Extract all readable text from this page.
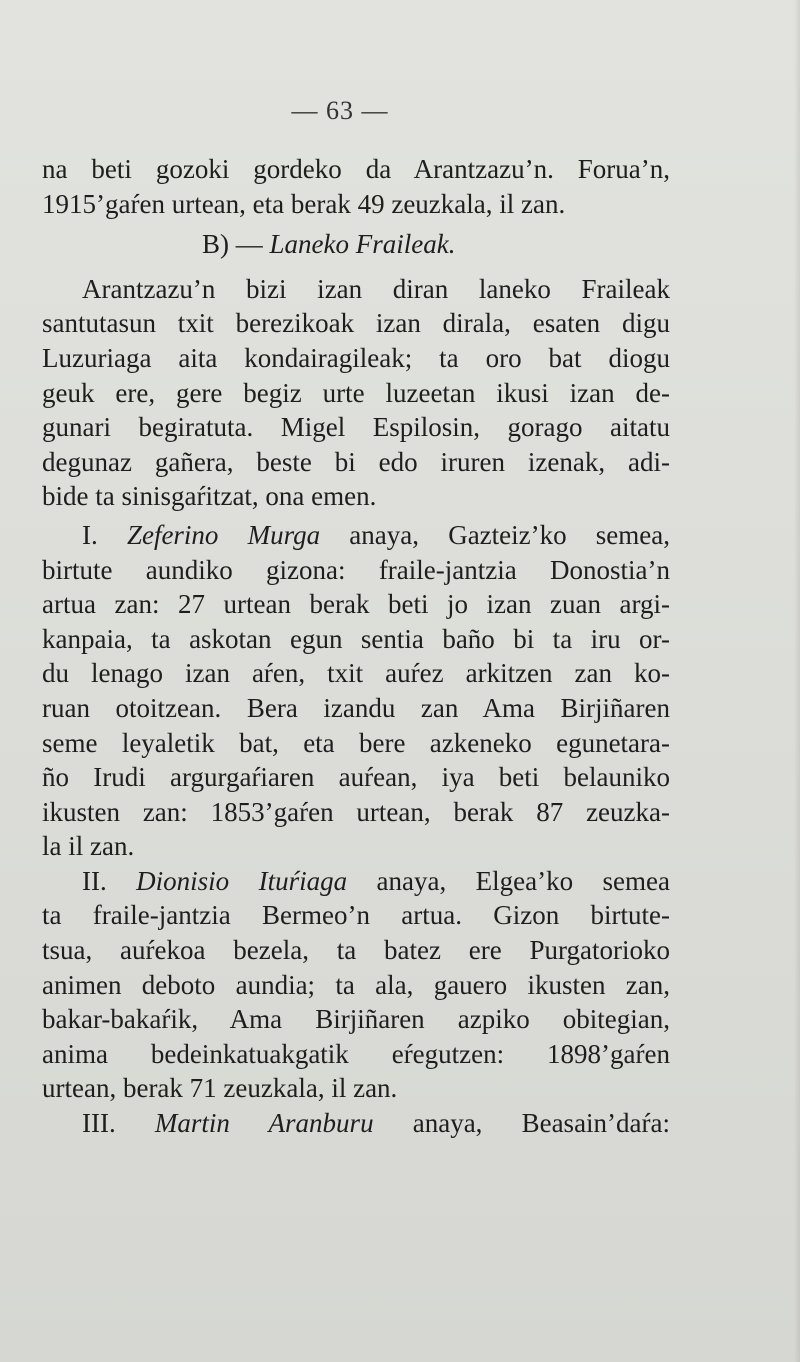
— 63 —
na beti gozoki gordeko da Arantzazu’n. Forua’n,
1915’gaŕen urtean, eta berak 49 zeuzkala, il zan.
B) — Laneko Fraileak.
Arantzazu’n bizi izan diran laneko Fraileak
santutasun txit berezikoak izan dirala, esaten digu
Luzuriaga aita kondairagileak; ta oro bat diogu
geuk ere, gere begiz urte luzeetan ikusi izan de-
gunari begiratuta. Migel Espilosin, gorago aitatu
degunaz gañera, beste bi edo iruren izenak, adi-
bide ta sinisgaŕitzat, ona emen.
I. Zeferino Murga anaya, Gazteiz’ko semea,
birtute aundiko gizona: fraile-jantzia Donostia’n
artua zan: 27 urtean berak beti jo izan zuan argi-
kanpaia, ta askotan egun sentia baño bi ta iru or-
du lenago izan aŕen, txit auŕez arkitzen zan ko-
ruan otoitzean. Bera izandu zan Ama Birjiñaren
seme leyaletik bat, eta bere azkeneko egunetara-
ño Irudi argurgaŕiaren auŕean, iya beti belauniko
ikusten zan: 1853’gaŕen urtean, berak 87 zeuzka-
la il zan.
II. Dionisio Ituŕiaga anaya, Elgea’ko semea
ta fraile-jantzia Bermeo’n artua. Gizon birtute-
tsua, auŕekoa bezela, ta batez ere Purgatorioko
animen deboto aundia; ta ala, gauero ikusten zan,
bakar-bakaŕik, Ama Birjiñaren azpiko obitegian,
anima bedeinkatuakgatik eŕegutzen: 1898’gaŕen
urtean, berak 71 zeuzkala, il zan.
III. Martin Aranburu anaya, Beasain’daŕa:
